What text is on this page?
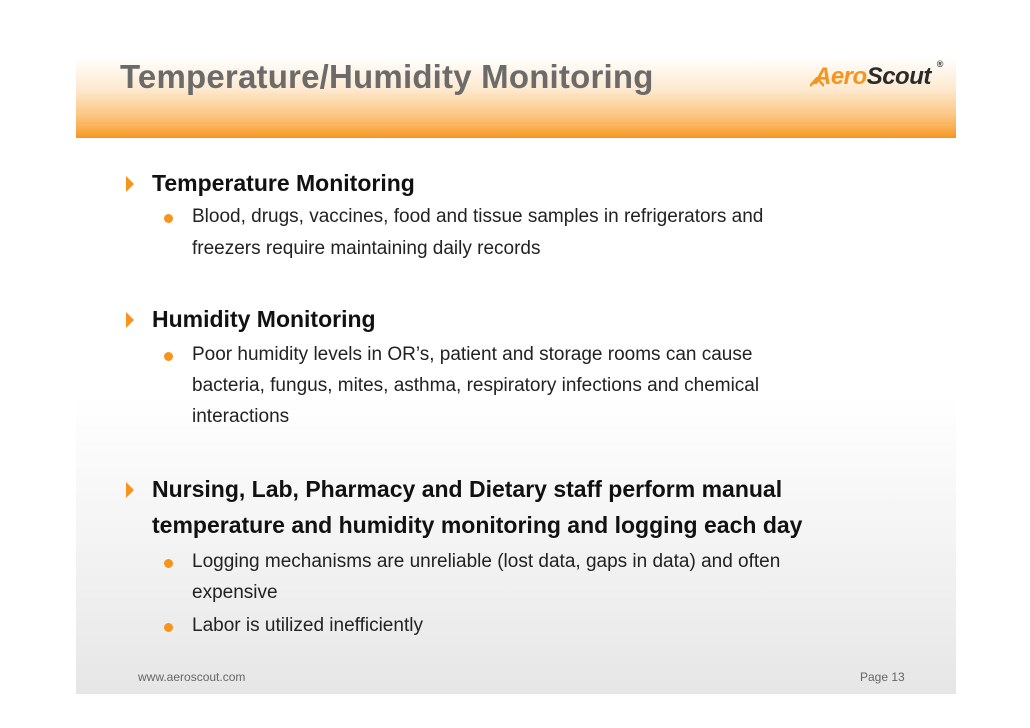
Temperature/Humidity Monitoring	AeroScout ®
Temperature Monitoring
Blood, drugs, vaccines, food and tissue samples in refrigerators and
freezers require maintaining daily records
Humidity Monitoring
Poor humidity levels in OR’s, patient and storage rooms can cause
bacteria, fungus, mites, asthma, respiratory infections and chemical
interactions
Nursing, Lab, Pharmacy and Dietary staff perform manual
temperature and humidity monitoring and logging each day
Logging mechanisms are unreliable (lost data, gaps in data) and often
expensive
Labor is utilized inefficiently
www.aeroscout.com	Page 13
